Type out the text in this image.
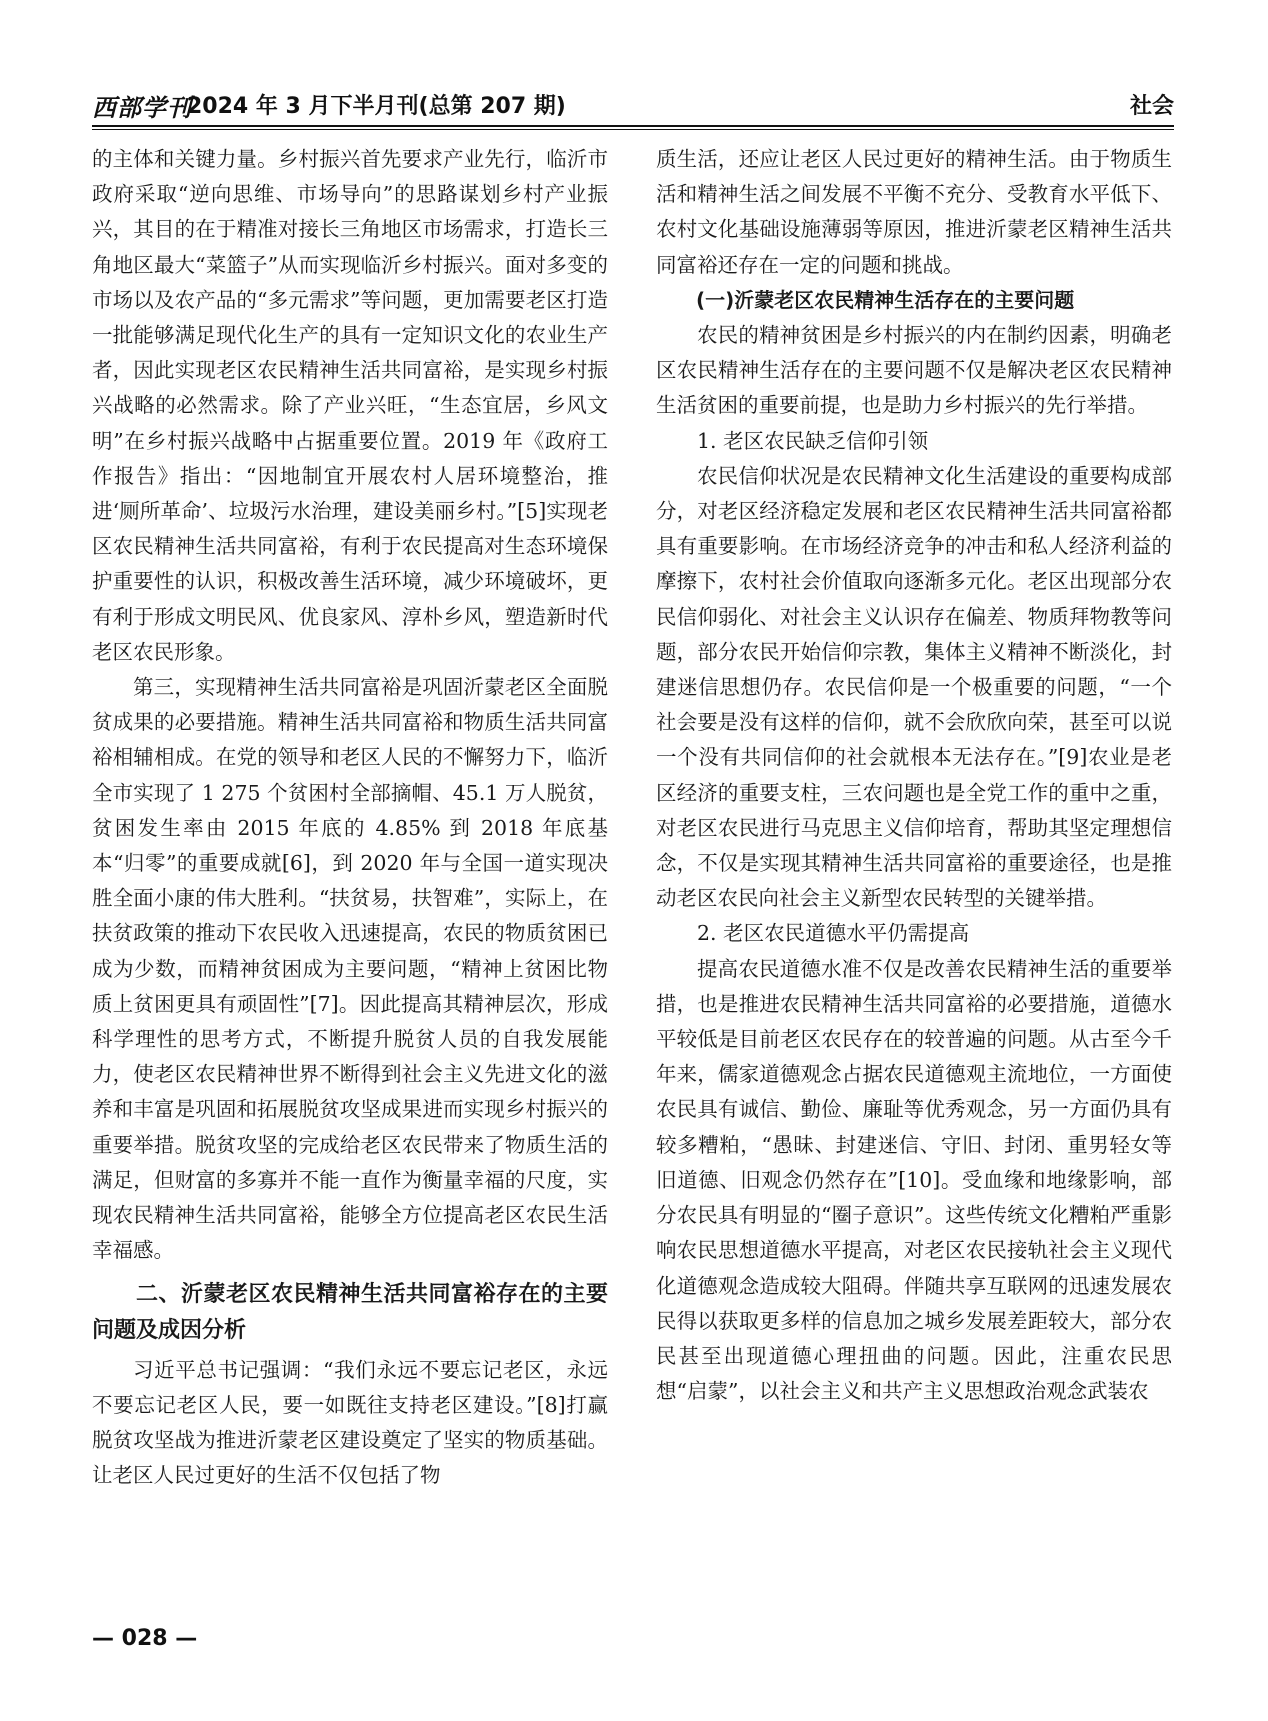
西部学刊
2024 年 3 月下半月刊(总第 207 期)	社会

的主体和关键力量。乡村振兴首先要求产业先行，临沂市政府采取“逆向思维、市场导向”的思路谋划乡村产业振兴，其目的在于精准对接长三角地区市场需求，打造长三角地区最大“菜篮子”从而实现临沂乡村振兴。面对多变的市场以及农产品的“多元需求”等问题，更加需要老区打造一批能够满足现代化生产的具有一定知识文化的农业生产者，因此实现老区农民精神生活共同富裕，是实现乡村振兴战略的必然需求。除了产业兴旺，“生态宜居，乡风文明”在乡村振兴战略中占据重要位置。2019 年《政府工作报告》指出：“因地制宜开展农村人居环境整治，推进‘厕所革命’、垃圾污水治理，建设美丽乡村。”[5]实现老区农民精神生活共同富裕，有利于农民提高对生态环境保护重要性的认识，积极改善生活环境，减少环境破坏，更有利于形成文明民风、优良家风、淳朴乡风，塑造新时代老区农民形象。

第三，实现精神生活共同富裕是巩固沂蒙老区全面脱贫成果的必要措施。精神生活共同富裕和物质生活共同富裕相辅相成。在党的领导和老区人民的不懈努力下，临沂全市实现了 1 275 个贫困村全部摘帽、45.1 万人脱贫，贫困发生率由 2015 年底的 4.85% 到 2018 年底基本“归零”的重要成就[6]，到 2020 年与全国一道实现决胜全面小康的伟大胜利。“扶贫易，扶智难”，实际上，在扶贫政策的推动下农民收入迅速提高，农民的物质贫困已成为少数，而精神贫困成为主要问题，“精神上贫困比物质上贫困更具有顽固性”[7]。因此提高其精神层次，形成科学理性的思考方式，不断提升脱贫人员的自我发展能力，使老区农民精神世界不断得到社会主义先进文化的滋养和丰富是巩固和拓展脱贫攻坚成果进而实现乡村振兴的重要举措。脱贫攻坚的完成给老区农民带来了物质生活的满足，但财富的多寡并不能一直作为衡量幸福的尺度，实现农民精神生活共同富裕，能够全方位提高老区农民生活幸福感。

二、沂蒙老区农民精神生活共同富裕存在的主要问题及成因分析

习近平总书记强调：“我们永远不要忘记老区，永远不要忘记老区人民，要一如既往支持老区建设。”[8]打赢脱贫攻坚战为推进沂蒙老区建设奠定了坚实的物质基础。让老区人民过更好的生活不仅包括了物

质生活，还应让老区人民过更好的精神生活。由于物质生活和精神生活之间发展不平衡不充分、受教育水平低下、农村文化基础设施薄弱等原因，推进沂蒙老区精神生活共同富裕还存在一定的问题和挑战。

(一)沂蒙老区农民精神生活存在的主要问题

农民的精神贫困是乡村振兴的内在制约因素，明确老区农民精神生活存在的主要问题不仅是解决老区农民精神生活贫困的重要前提，也是助力乡村振兴的先行举措。

1. 老区农民缺乏信仰引领

农民信仰状况是农民精神文化生活建设的重要构成部分，对老区经济稳定发展和老区农民精神生活共同富裕都具有重要影响。在市场经济竞争的冲击和私人经济利益的摩擦下，农村社会价值取向逐渐多元化。老区出现部分农民信仰弱化、对社会主义认识存在偏差、物质拜物教等问题，部分农民开始信仰宗教，集体主义精神不断淡化，封建迷信思想仍存。农民信仰是一个极重要的问题，“一个社会要是没有这样的信仰，就不会欣欣向荣，甚至可以说一个没有共同信仰的社会就根本无法存在。”[9]农业是老区经济的重要支柱，三农问题也是全党工作的重中之重，对老区农民进行马克思主义信仰培育，帮助其坚定理想信念，不仅是实现其精神生活共同富裕的重要途径，也是推动老区农民向社会主义新型农民转型的关键举措。

2. 老区农民道德水平仍需提高

提高农民道德水准不仅是改善农民精神生活的重要举措，也是推进农民精神生活共同富裕的必要措施，道德水平较低是目前老区农民存在的较普遍的问题。从古至今千年来，儒家道德观念占据农民道德观主流地位，一方面使农民具有诚信、勤俭、廉耻等优秀观念，另一方面仍具有较多糟粕，“愚昧、封建迷信、守旧、封闭、重男轻女等旧道德、旧观念仍然存在”[10]。受血缘和地缘影响，部分农民具有明显的“圈子意识”。这些传统文化糟粕严重影响农民思想道德水平提高，对老区农民接轨社会主义现代化道德观念造成较大阻碍。伴随共享互联网的迅速发展农民得以获取更多样的信息加之城乡发展差距较大，部分农民甚至出现道德心理扭曲的问题。因此，注重农民思想“启蒙”，以社会主义和共产主义思想政治观念武装农

— 028 —
